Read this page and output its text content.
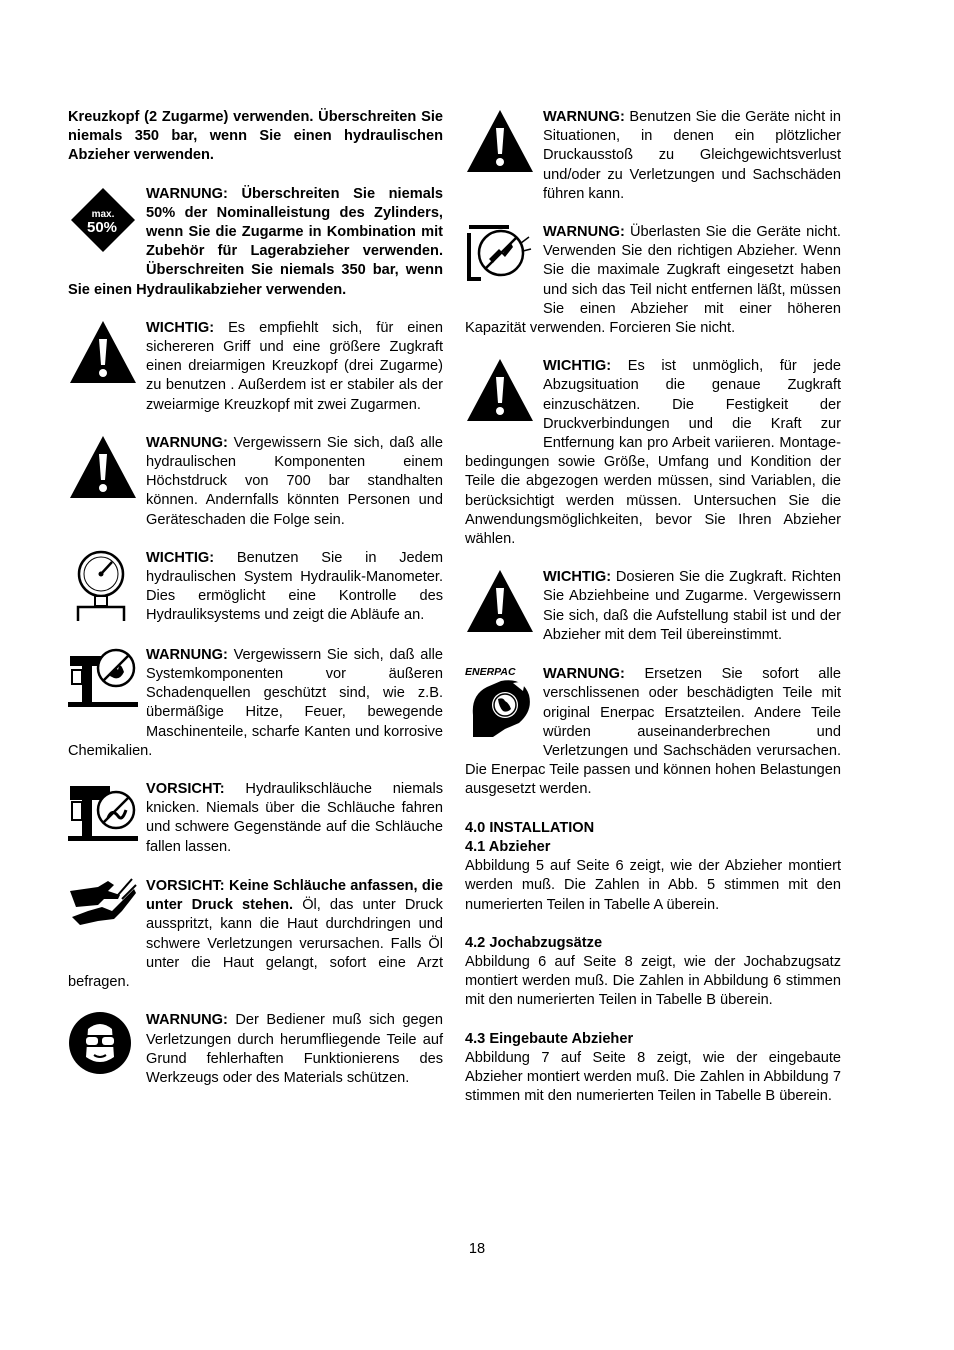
Kreuzkopf (2 Zugarme) verwenden. Überschreiten Sie niemals 350 bar, wenn Sie einen hydraulischen Abzieher verwenden.

max.
50%
WARNUNG: Überschreiten Sie niemals 50% der Nominalleistung des Zylinders, wenn Sie die Zugarme in Kombination mit Zubehör für Lagerabzieher verwenden. Überschreiten Sie niemals 350 bar, wenn Sie einen Hydraulikabzieher verwenden.
WICHTIG: Es empfiehlt sich, für einen sichereren Griff und eine größere Zugkraft einen dreiarmigen Kreuzkopf (drei Zugarme) zu benutzen . Außerdem ist er stabiler als der zweiarmige Kreuzkopf mit zwei Zugarmen.
WARNUNG: Vergewissern Sie sich, daß alle hydraulischen Komponenten einem Höchstdruck von 700 bar standhalten können. Andernfalls könnten Personen und Geräteschaden die Folge sein.
WICHTIG: Benutzen Sie in Jedem hydraulischen System Hydraulik-Manometer. Dies ermöglicht eine Kontrolle des Hydrauliksystems und zeigt die Abläufe an.
WARNUNG: Vergewissern Sie sich, daß alle Systemkomponenten vor äußeren Schadenquellen geschützt sind, wie z.B. übermäßige Hitze, Feuer, bewegende Maschinenteile, scharfe Kanten und korrosive Chemikalien.
VORSICHT: Hydraulikschläuche niemals knicken. Niemals über die Schläuche fahren und schwere Gegenstände auf die Schläuche fallen lassen.
VORSICHT: Keine Schläuche anfassen, die unter Druck stehen. Öl, das unter Druck ausspritzt, kann die Haut durchdringen und schwere Verletzungen verursachen. Falls Öl unter die Haut gelangt, sofort eine Arzt befragen.
WARNUNG: Der Bediener muß sich gegen Verletzungen durch herumfliegende Teile auf Grund fehlerhaften Funktionierens des Werkzeugs oder des Materials schützen.
WARNUNG: Benutzen Sie die Geräte nicht in Situationen, in denen ein plötzlicher Druckausstoß zu Gleichgewichtsverlust und/oder zu Verletzungen und Sachschäden führen kann.
WARNUNG: Überlasten Sie die Geräte nicht. Verwenden Sie den richtigen Abzieher. Wenn Sie die maximale Zugkraft eingesetzt haben und sich das Teil nicht entfernen läßt, müssen Sie einen Abzieher mit einer höheren Kapazität verwenden. Forcieren Sie nicht.
WICHTIG: Es ist unmöglich, für jede Abzugsituation die genaue Zugkraft einzuschätzen. Die Festigkeit der Druckverbindungen und die Kraft zur Entfernung kan pro Arbeit variieren. Montagebedingungen sowie Größe, Umfang und Kondition der Teile die abgezogen werden müssen, sind Variablen, die berücksichtigt werden müssen. Untersuchen Sie die Anwendungsmöglichkeiten, bevor Sie Ihren Abzieher wählen.
WICHTIG: Dosieren Sie die Zugkraft. Richten Sie Abziehbeine und Zugarme. Vergewissern Sie sich, daß die Aufstellung stabil ist und der Abzieher mit dem Teil übereinstimmt.
ENERPAC WARNUNG: Ersetzen Sie sofort alle verschlissenen oder beschädigten Teile mit original Enerpac Ersatzteilen. Andere Teile würden auseinanderbrechen und Verletzungen und Sachschäden verursachen. Die Enerpac Teile passen und können hohen Belastungen ausgesetzt werden.
4.0 INSTALLATION
4.1 Abzieher
Abbildung 5 auf Seite 6 zeigt, wie der Abzieher montiert werden muß. Die Zahlen in Abb. 5 stimmen mit den numerierten Teilen in Tabelle A überein.
4.2 Jochabzugsätze
Abbildung 6 auf Seite 8 zeigt, wie der Jochabzugsatz montiert werden muß. Die Zahlen in Abbildung 6 stimmen mit den numerierten Teilen in Tabelle B überein.
4.3 Eingebaute Abzieher
Abbildung 7 auf Seite 8 zeigt, wie der eingebaute Abzieher montiert werden muß. Die Zahlen in Abbildung 7 stimmen mit den numerierten Teilen in Tabelle B überein.
18
